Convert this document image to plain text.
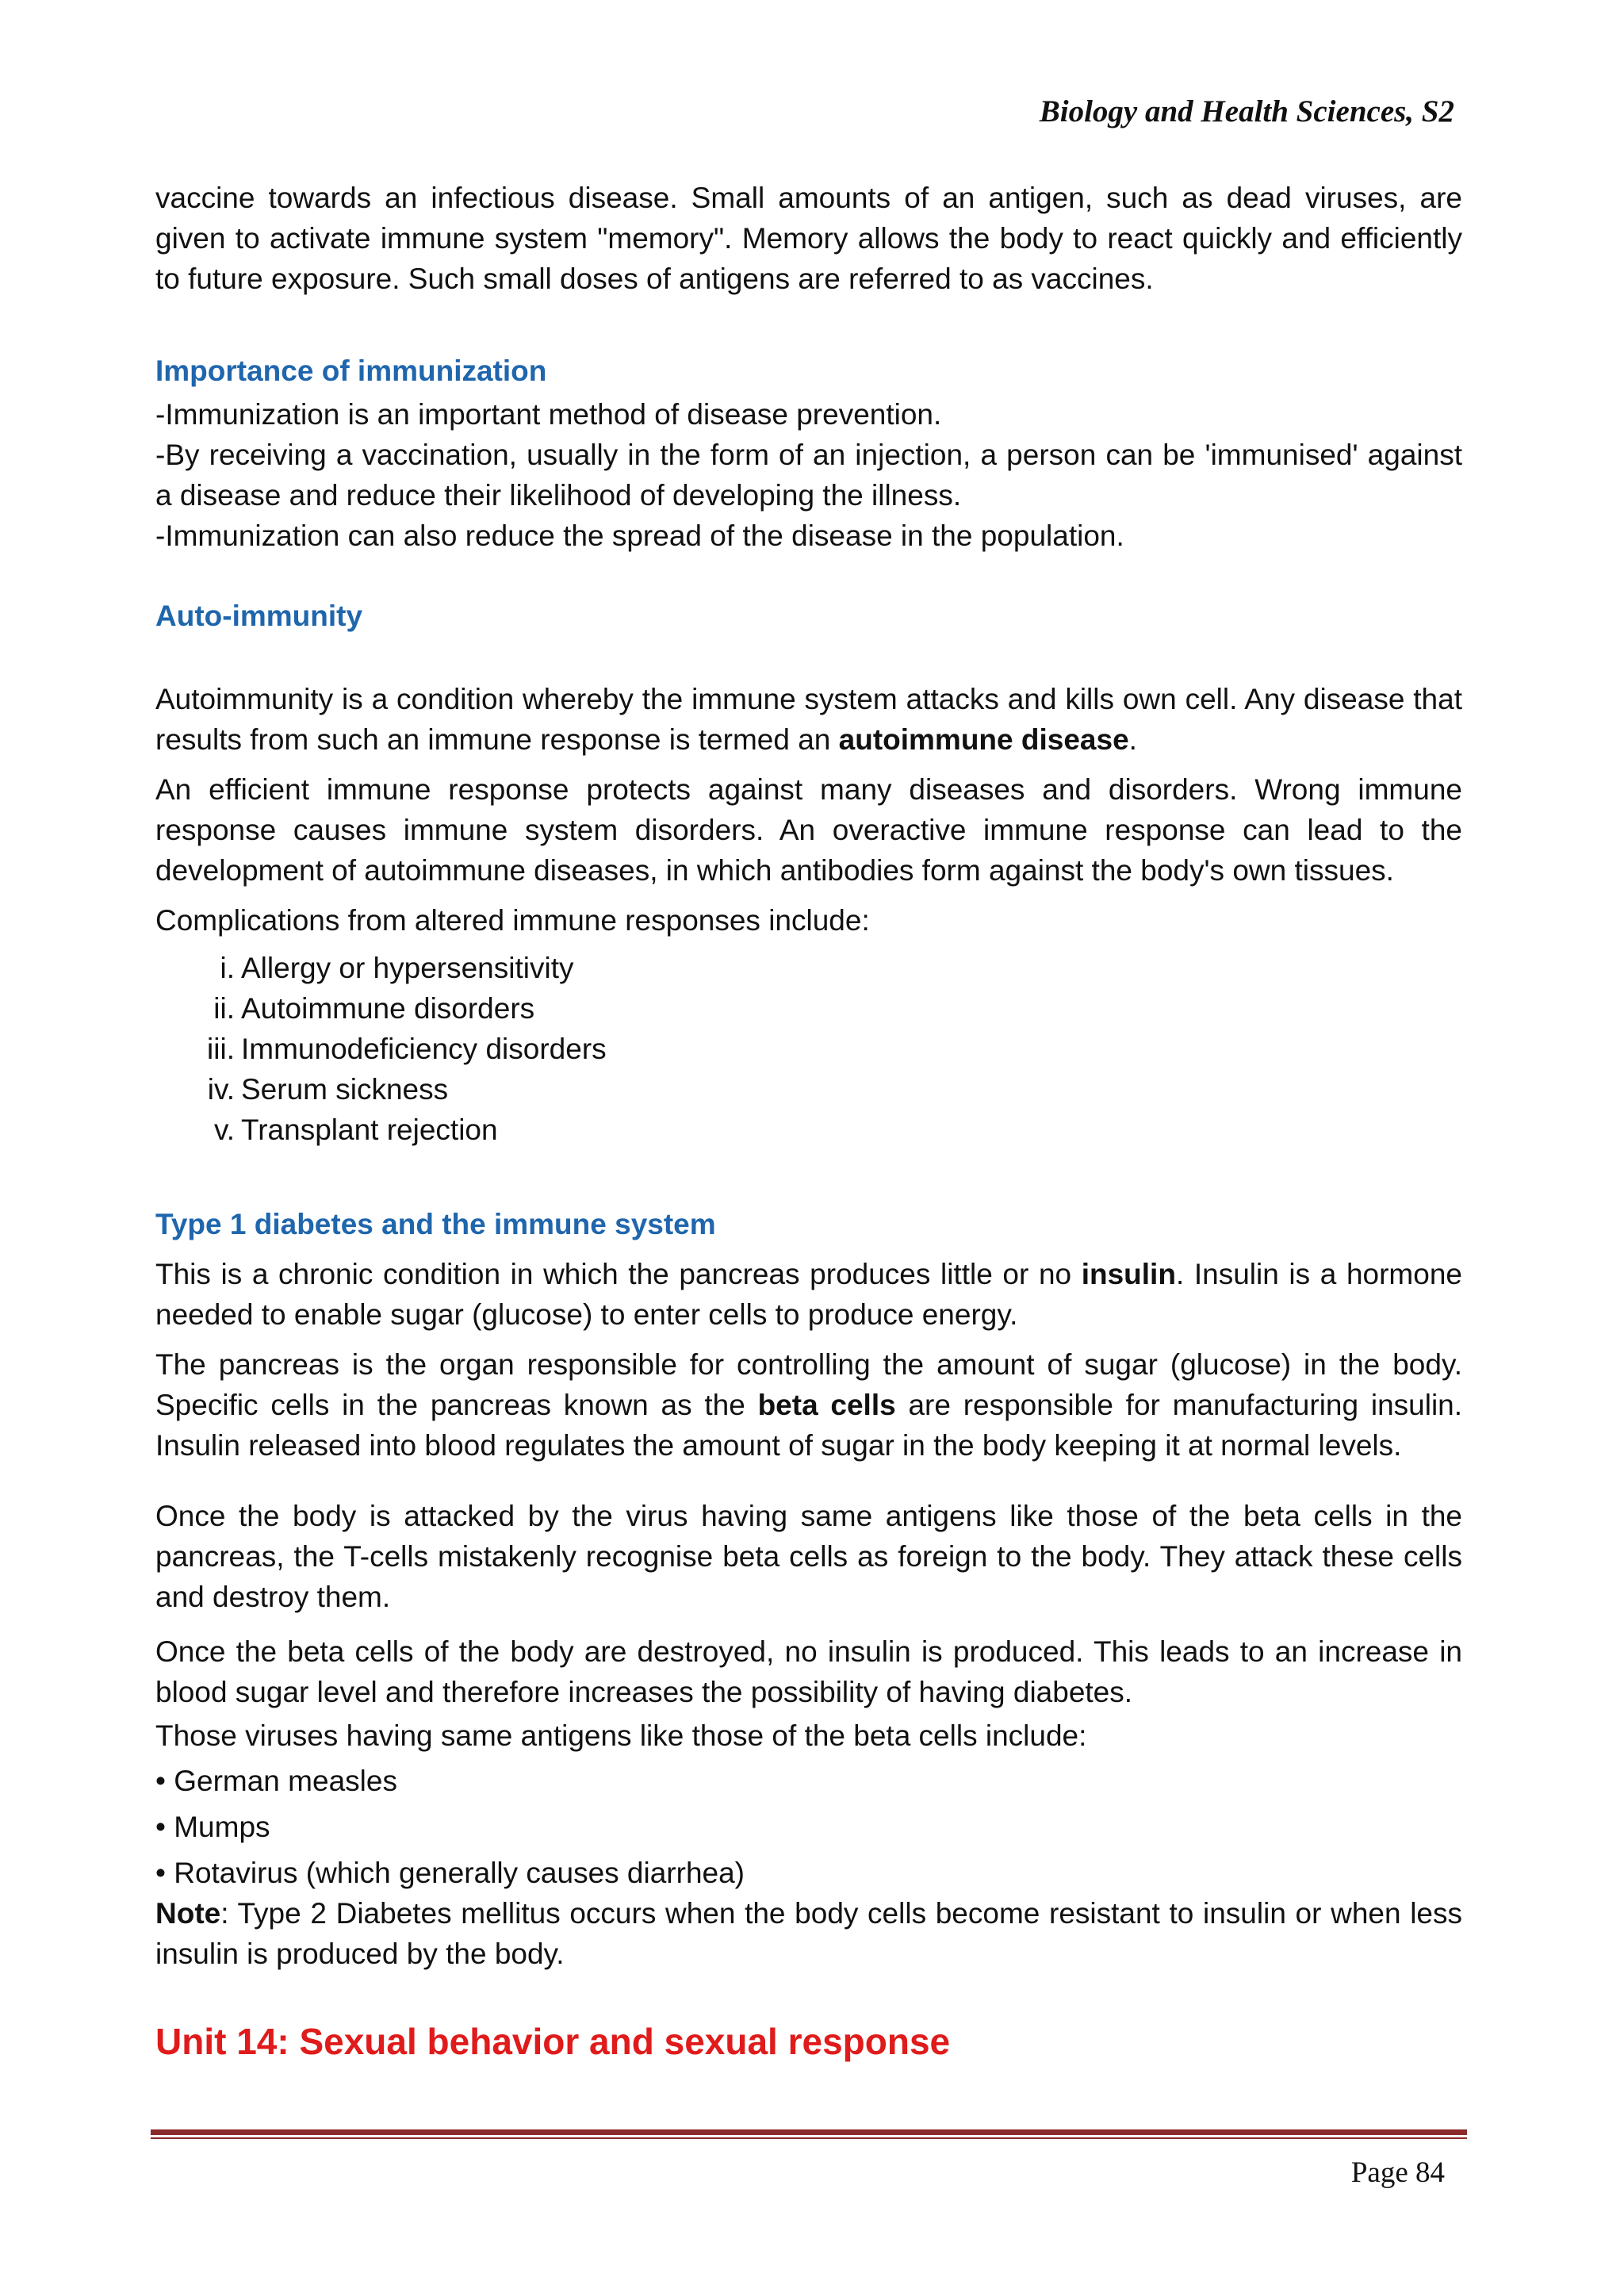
Biology and Health Sciences, S2

vaccine towards an infectious disease. Small amounts of an antigen, such as dead viruses, are given to activate immune system "memory". Memory allows the body to react quickly and efficiently to future exposure. Such small doses of antigens are referred to as vaccines.

Importance of immunization

-Immunization is an important method of disease prevention.

-By receiving a vaccination, usually in the form of an injection, a person can be 'immunised' against a disease and reduce their likelihood of developing the illness.

-Immunization can also reduce the spread of the disease in the population.

Auto-immunity

Autoimmunity is a condition whereby the immune system attacks and kills own cell. Any disease that results from such an immune response is termed an autoimmune disease.

An efficient immune response protects against many diseases and disorders. Wrong immune response causes immune system disorders. An overactive immune response can lead to the development of autoimmune diseases, in which antibodies form against the body's own tissues.

Complications from altered immune responses include:

i. Allergy or hypersensitivity
ii. Autoimmune disorders
iii. Immunodeficiency disorders
iv. Serum sickness
v. Transplant rejection

Type 1 diabetes and the immune system

This is a chronic condition in which the pancreas produces little or no insulin. Insulin is a hormone needed to enable sugar (glucose) to enter cells to produce energy.

The pancreas is the organ responsible for controlling the amount of sugar (glucose) in the body. Specific cells in the pancreas known as the beta cells are responsible for manufacturing insulin. Insulin released into blood regulates the amount of sugar in the body keeping it at normal levels.

Once the body is attacked by the virus having same antigens like those of the beta cells in the pancreas, the T-cells mistakenly recognise beta cells as foreign to the body. They attack these cells and destroy them.

Once the beta cells of the body are destroyed, no insulin is produced. This leads to an increase in blood sugar level and therefore increases the possibility of having diabetes.

Those viruses having same antigens like those of the beta cells include:

• German measles
• Mumps
• Rotavirus (which generally causes diarrhea)

Note: Type 2 Diabetes mellitus occurs when the body cells become resistant to insulin or when less insulin is produced by the body.

Unit 14: Sexual behavior and sexual response

Page 84
